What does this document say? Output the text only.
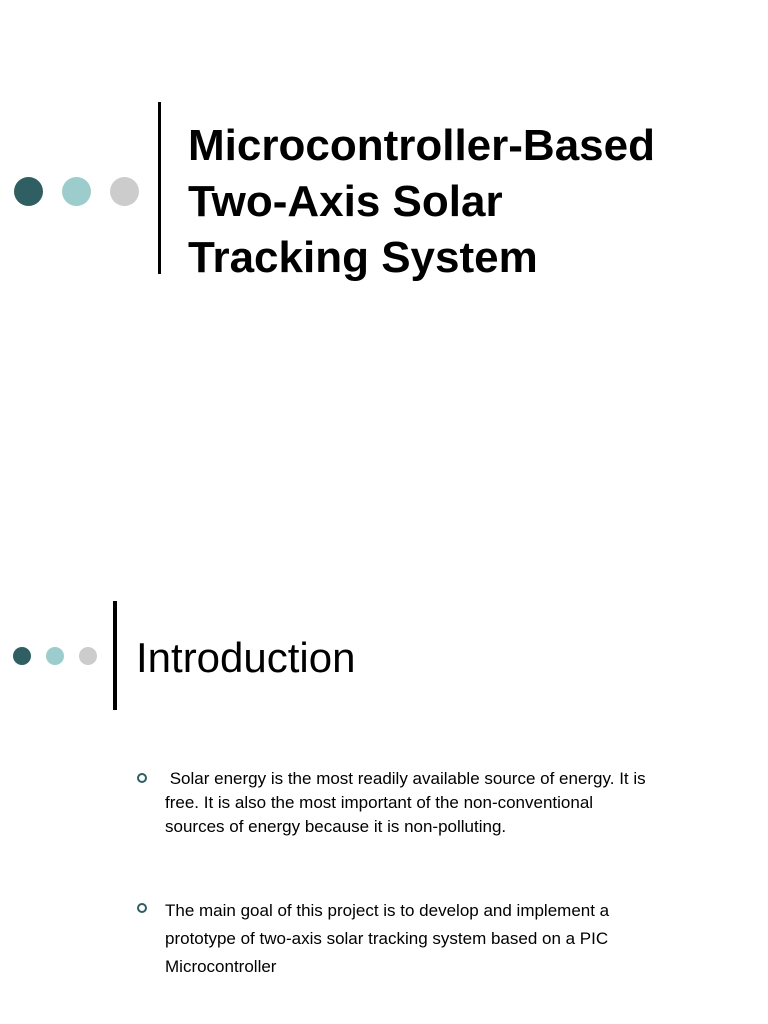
Microcontroller-Based
Two-Axis Solar
Tracking System
Introduction

Solar energy is the most readily available source of energy. It is
free. It is also the most important of the non-conventional
sources of energy because it is non-polluting.

The main goal of this project is to develop and implement a
prototype of two-axis solar tracking system based on a PIC
Microcontroller
